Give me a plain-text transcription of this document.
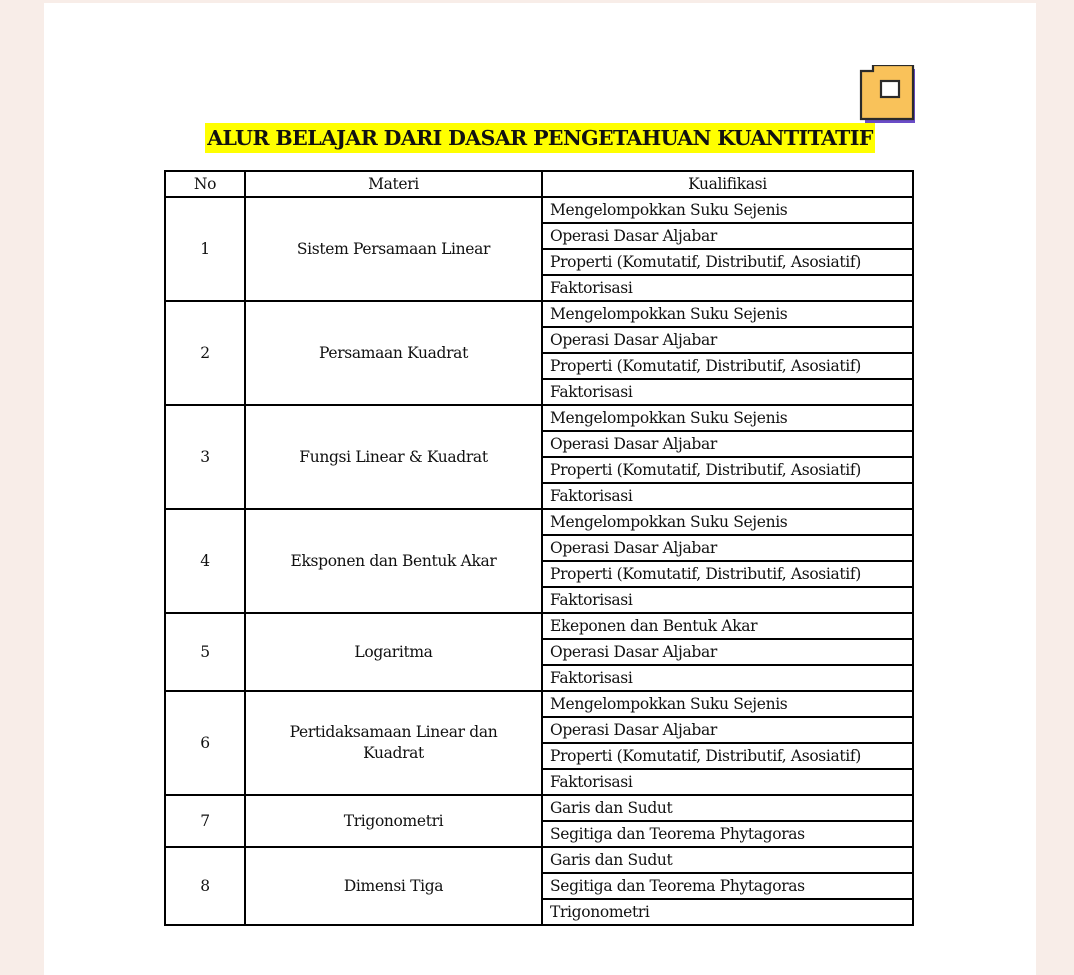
ALUR BELAJAR DARI DASAR PENGETAHUAN KUANTITATIF
No	Materi	Kualifikasi
1	Sistem Persamaan Linear	Mengelompokkan Suku Sejenis
		Operasi Dasar Aljabar
		Properti (Komutatif, Distributif, Asosiatif)
		Faktorisasi
2	Persamaan Kuadrat	Mengelompokkan Suku Sejenis
		Operasi Dasar Aljabar
		Properti (Komutatif, Distributif, Asosiatif)
		Faktorisasi
3	Fungsi Linear & Kuadrat	Mengelompokkan Suku Sejenis
		Operasi Dasar Aljabar
		Properti (Komutatif, Distributif, Asosiatif)
		Faktorisasi
4	Eksponen dan Bentuk Akar	Mengelompokkan Suku Sejenis
		Operasi Dasar Aljabar
		Properti (Komutatif, Distributif, Asosiatif)
		Faktorisasi
5	Logaritma	Ekeponen dan Bentuk Akar
		Operasi Dasar Aljabar
		Faktorisasi
6	Pertidaksamaan Linear dan Kuadrat	Mengelompokkan Suku Sejenis
		Operasi Dasar Aljabar
		Properti (Komutatif, Distributif, Asosiatif)
		Faktorisasi
7	Trigonometri	Garis dan Sudut
		Segitiga dan Teorema Phytagoras
8	Dimensi Tiga	Garis dan Sudut
		Segitiga dan Teorema Phytagoras
		Trigonometri
